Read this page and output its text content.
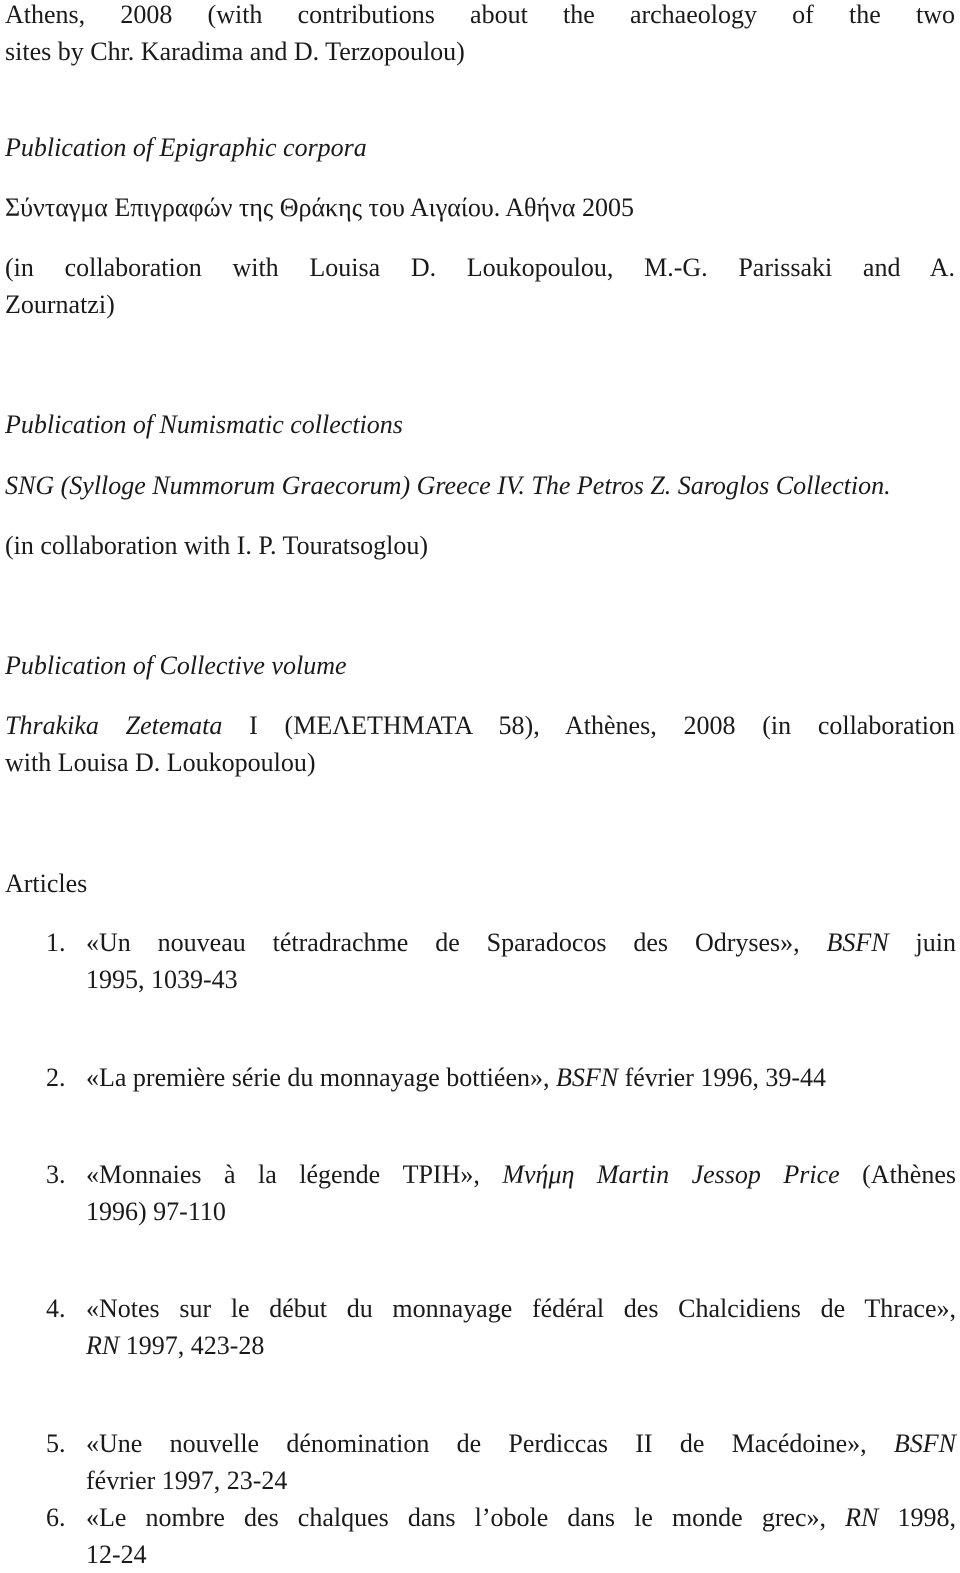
Athens, 2008 (with contributions about the archaeology of the two
sites by Chr. Karadima and D. Terzopoulou)
Publication of Epigraphic corpora
Σύνταγμα Επιγραφών της Θράκης του Αιγαίου. Αθήνα 2005
(in collaboration with Louisa D. Loukopoulou, M.-G. Parissaki and A.
Zournatzi)
Publication of Numismatic collections
SNG (Sylloge Nummorum Graecorum) Greece IV. The Petros Z. Saroglos Collection.
(in collaboration with I. P. Touratsoglou)
Publication of Collective volume
Thrakika Zetemata I (ΜΕΛΕΤΗΜΑΤΑ 58), Athènes, 2008 (in collaboration
with Louisa D. Loukopoulou)
Articles
1. «Un nouveau tétradrachme de Sparadocos des Odryses», BSFN juin
1995, 1039-43
2. «La première série du monnayage bottiéen», BSFN février 1996, 39-44
3. «Monnaies à la légende ΤΡΙΗ», Μνήμη Martin Jessop Price (Athènes
1996) 97-110
4. «Notes sur le début du monnayage fédéral des Chalcidiens de Thrace»,
RN 1997, 423-28
5. «Une nouvelle dénomination de Perdiccas II de Macédoine», BSFN
février 1997, 23-24
6. «Le nombre des chalques dans l’obole dans le monde grec», RN 1998,
12-24
